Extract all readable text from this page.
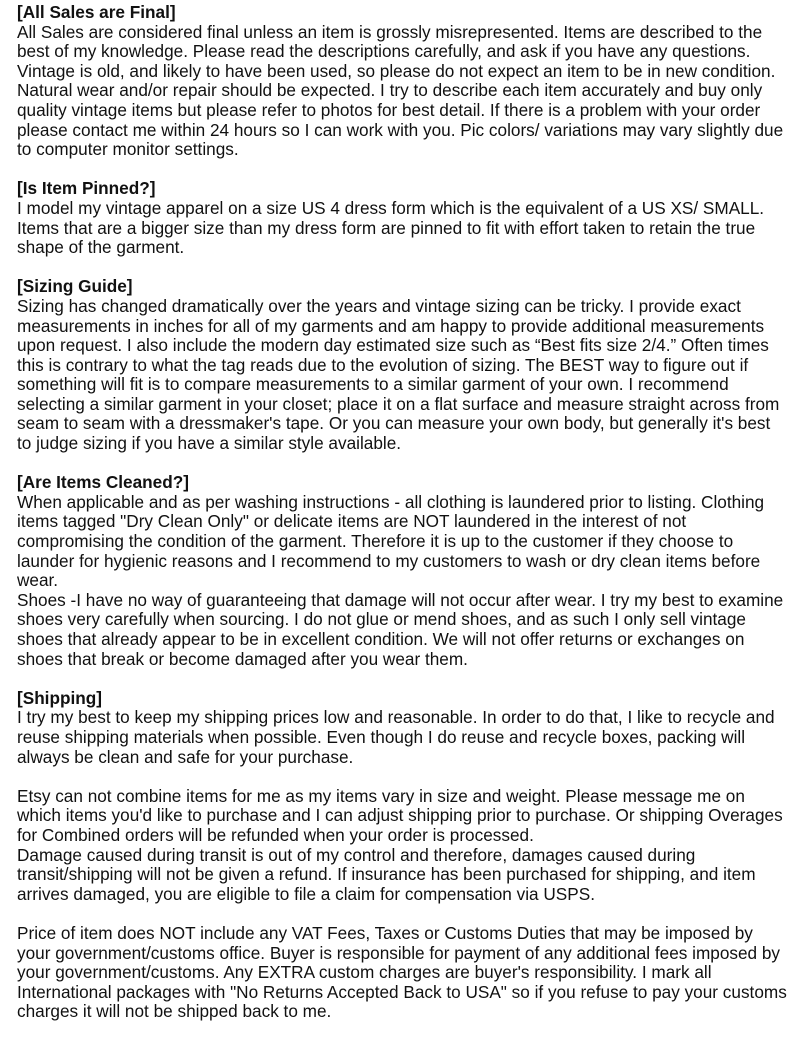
[All Sales are Final]

All Sales are considered final unless an item is grossly misrepresented. Items are described to the best of my knowledge. Please read the descriptions carefully, and ask if you have any questions. Vintage is old, and likely to have been used, so please do not expect an item to be in new condition. Natural wear and/or repair should be expected. I try to describe each item accurately and buy only quality vintage items but please refer to photos for best detail. If there is a problem with your order please contact me within 24 hours so I can work with you. Pic colors/ variations may vary slightly due to computer monitor settings.

[Is Item Pinned?]

I model my vintage apparel on a size US 4 dress form which is the equivalent of a US XS/ SMALL. Items that are a bigger size than my dress form are pinned to fit with effort taken to retain the true shape of the garment.

[Sizing Guide]

Sizing has changed dramatically over the years and vintage sizing can be tricky. I provide exact measurements in inches for all of my garments and am happy to provide additional measurements upon request. I also include the modern day estimated size such as “Best fits size 2/4.” Often times this is contrary to what the tag reads due to the evolution of sizing. The BEST way to figure out if something will fit is to compare measurements to a similar garment of your own. I recommend selecting a similar garment in your closet; place it on a flat surface and measure straight across from seam to seam with a dressmaker's tape. Or you can measure your own body, but generally it's best to judge sizing if you have a similar style available.

[Are Items Cleaned?]

When applicable and as per washing instructions - all clothing is laundered prior to listing. Clothing items tagged "Dry Clean Only" or delicate items are NOT laundered in the interest of not compromising the condition of the garment. Therefore it is up to the customer if they choose to launder for hygienic reasons and I recommend to my customers to wash or dry clean items before wear.

Shoes -I have no way of guaranteeing that damage will not occur after wear. I try my best to examine shoes very carefully when sourcing. I do not glue or mend shoes, and as such I only sell vintage shoes that already appear to be in excellent condition. We will not offer returns or exchanges on shoes that break or become damaged after you wear them.

[Shipping]

I try my best to keep my shipping prices low and reasonable. In order to do that, I like to recycle and reuse shipping materials when possible. Even though I do reuse and recycle boxes, packing will always be clean and safe for your purchase.

Etsy can not combine items for me as my items vary in size and weight. Please message me on which items you'd like to purchase and I can adjust shipping prior to purchase. Or shipping Overages for Combined orders will be refunded when your order is processed.

Damage caused during transit is out of my control and therefore, damages caused during transit/shipping will not be given a refund. If insurance has been purchased for shipping, and item arrives damaged, you are eligible to file a claim for compensation via USPS.

Price of item does NOT include any VAT Fees, Taxes or Customs Duties that may be imposed by your government/customs office. Buyer is responsible for payment of any additional fees imposed by your government/customs. Any EXTRA custom charges are buyer's responsibility. I mark all International packages with "No Returns Accepted Back to USA" so if you refuse to pay your customs charges it will not be shipped back to me.
